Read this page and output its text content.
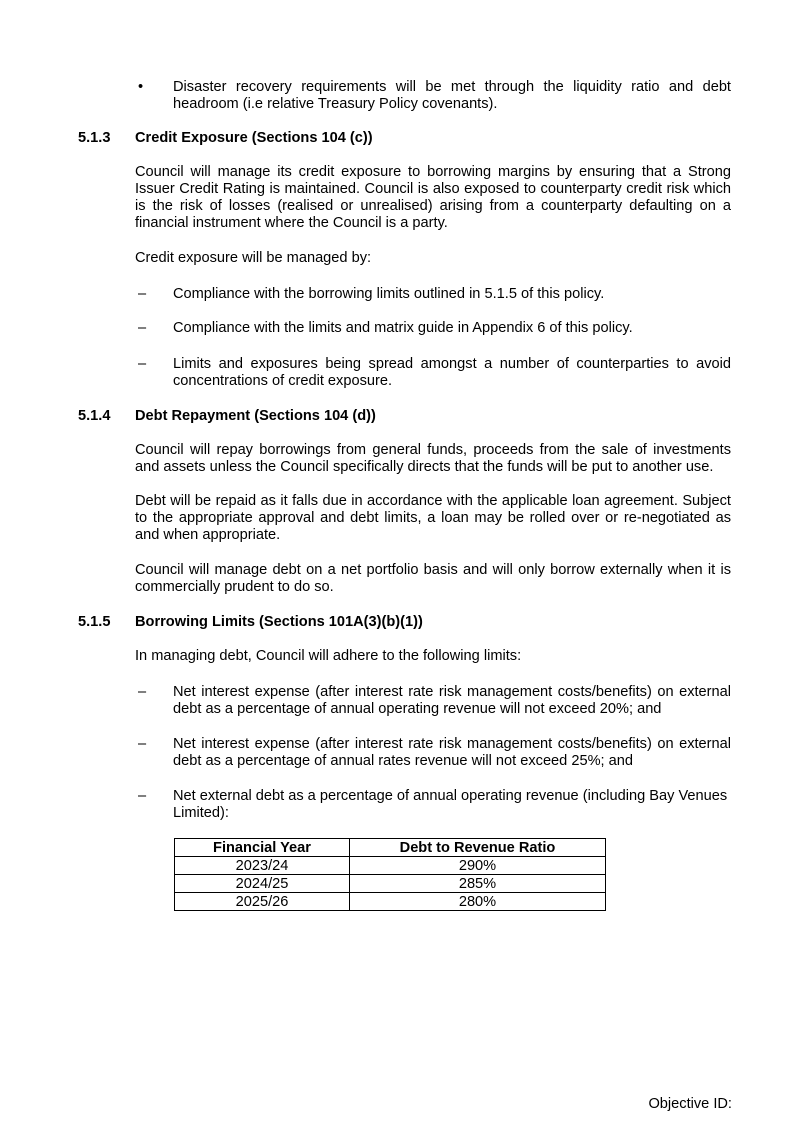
• Disaster recovery requirements will be met through the liquidity ratio and debt headroom (i.e relative Treasury Policy covenants).
5.1.3 Credit Exposure (Sections 104 (c))
Council will manage its credit exposure to borrowing margins by ensuring that a Strong Issuer Credit Rating is maintained. Council is also exposed to counterparty credit risk which is the risk of losses (realised or unrealised) arising from a counterparty defaulting on a financial instrument where the Council is a party.
Credit exposure will be managed by:
– Compliance with the borrowing limits outlined in 5.1.5 of this policy.
– Compliance with the limits and matrix guide in Appendix 6 of this policy.
– Limits and exposures being spread amongst a number of counterparties to avoid concentrations of credit exposure.
5.1.4 Debt Repayment (Sections 104 (d))
Council will repay borrowings from general funds, proceeds from the sale of investments and assets unless the Council specifically directs that the funds will be put to another use.
Debt will be repaid as it falls due in accordance with the applicable loan agreement. Subject to the appropriate approval and debt limits, a loan may be rolled over or re-negotiated as and when appropriate.
Council will manage debt on a net portfolio basis and will only borrow externally when it is commercially prudent to do so.
5.1.5 Borrowing Limits (Sections 101A(3)(b)(1))
In managing debt, Council will adhere to the following limits:
– Net interest expense (after interest rate risk management costs/benefits) on external debt as a percentage of annual operating revenue will not exceed 20%; and
– Net interest expense (after interest rate risk management costs/benefits) on external debt as a percentage of annual rates revenue will not exceed 25%; and
– Net external debt as a percentage of annual operating revenue (including Bay Venues Limited):
Financial Year	Debt to Revenue Ratio
2023/24	290%
2024/25	285%
2025/26	280%
Objective ID:
